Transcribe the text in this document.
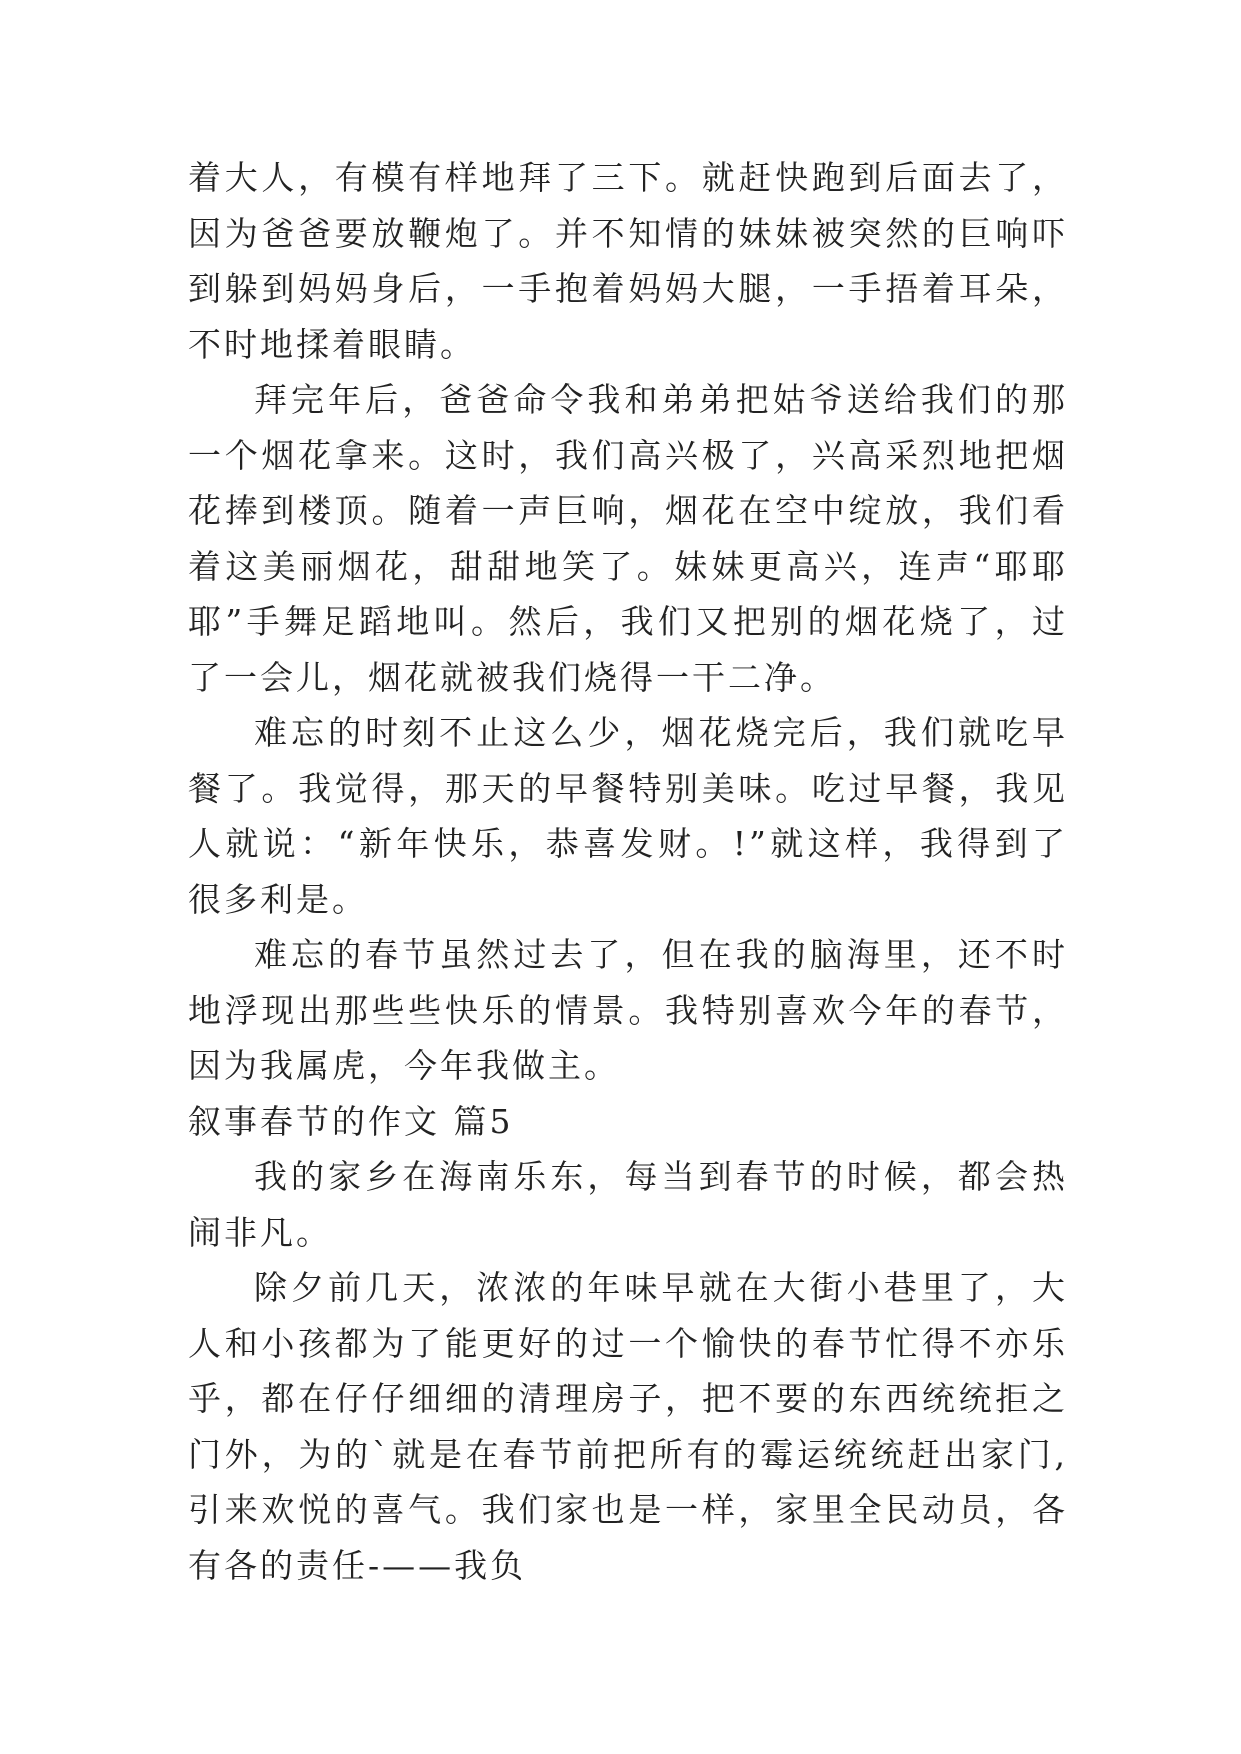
着大人，有模有样地拜了三下。就赶快跑到后面去了，因为爸爸要放鞭炮了。并不知情的妹妹被突然的巨响吓到躲到妈妈身后，一手抱着妈妈大腿，一手捂着耳朵，不时地揉着眼睛。

拜完年后，爸爸命令我和弟弟把姑爷送给我们的那一个烟花拿来。这时，我们高兴极了，兴高采烈地把烟花捧到楼顶。随着一声巨响，烟花在空中绽放，我们看着这美丽烟花，甜甜地笑了。妹妹更高兴，连声“耶耶耶”手舞足蹈地叫。然后，我们又把别的烟花烧了，过了一会儿，烟花就被我们烧得一干二净。

难忘的时刻不止这么少，烟花烧完后，我们就吃早餐了。我觉得，那天的早餐特别美味。吃过早餐，我见人就说：“新年快乐，恭喜发财。!”就这样，我得到了很多利是。

难忘的春节虽然过去了，但在我的脑海里，还不时地浮现出那些些快乐的情景。我特别喜欢今年的春节，因为我属虎，今年我做主。

叙事春节的作文 篇5

我的家乡在海南乐东，每当到春节的时候，都会热闹非凡。

除夕前几天，浓浓的年味早就在大街小巷里了，大人和小孩都为了能更好的过一个愉快的春节忙得不亦乐乎，都在仔仔细细的清理房子，把不要的东西统统拒之门外，为的`就是在春节前把所有的霉运统统赶出家门,引来欢悦的喜气。我们家也是一样，家里全民动员，各有各的责任-——我负
